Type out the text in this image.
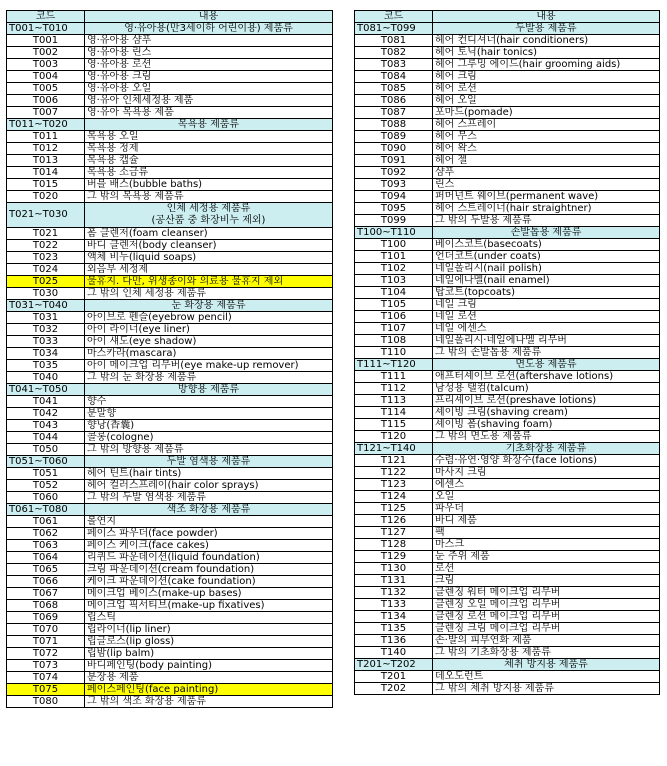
코드	내용
T001~T010	영·유아용(만3세이하 어린이용) 제품류
T001	영·유아용 샴푸
T002	영·유아용 린스
T003	영·유아용 로션
T004	영·유아용 크림
T005	영·유아용 오일
T006	영·유아 인체세정용 제품
T007	영·유아 목욕용 제품
T011~T020	목욕용 제품류
T011	목욕용 오일
T012	목욕용 정제
T013	목욕용 캡슐
T014	목욕용 소금류
T015	버블 배스(bubble baths)
T020	그 밖의 목욕용 제품류
T021~T030	인체 세정용 제품류
(공산품 중 화장비누 제외)

T021	폼 클렌저(foam cleanser)
T022	바디 클렌저(body cleanser)
T023	액체 비누(liquid soaps)
T024	외음부 세정제
T025	물휴지. 다만, 위생종이와 의료용 물휴지 제외
T030	그 밖의 인체 세정용 제품류
T031~T040	눈 화장용 제품류
T031	아이브로 펜슬(eyebrow pencil)
T032	아이 라이너(eye liner)
T033	아이 섀도(eye shadow)
T034	마스카라(mascara)
T035	아이 메이크업 리무버(eye make-up remover)
T040	그 밖의 눈 화장용 제품류
T041~T050	방향용 제품류
T041	향수
T042	분말향
T043	향낭(香囊)
T044	콜롱(cologne)
T050	그 밖의 방향용 제품류
T051~T060	두발 염색용 제품류
T051	헤어 틴트(hair tints)
T052	헤어 컬러스프레이(hair color sprays)
T060	그 밖의 두발 염색용 제품류
T061~T080	색조 화장용 제품류
T061	볼연지
T062	페이스 파우더(face powder)
T063	페이스 케이크(face cakes)
T064	리퀴드 파운데이션(liquid foundation)
T065	크림 파운데이션(cream foundation)
T066	케이크 파운데이션(cake foundation)
T067	메이크업 베이스(make-up bases)
T068	메이크업 픽서티브(make-up fixatives)
T069	립스틱
T070	립라이너(lip liner)
T071	립글로스(lip gloss)
T072	립밤(lip balm)
T073	바디페인팅(body painting)
T074	분장용 제품
T075	페이스페인팅(face painting)
T080	그 밖의 색조 화장용 제품류
코드	내용
T081~T099	두발용 제품류
T081	헤어 컨디셔너(hair conditioners)
T082	헤어 토닉(hair tonics)
T083	헤어 그루밍 에이드(hair grooming aids)
T084	헤어 크림
T085	헤어 로션
T086	헤어 오일
T087	포마드(pomade)
T088	헤어 스프레이
T089	헤어 무스
T090	헤어 왁스
T091	헤어 젤
T092	샴푸
T093	린스
T094	퍼머넌트 웨이브(permanent wave)
T095	헤어 스트레이너(hair straightner)
T099	그 밖의 두발용 제품류
T100~T110	손발톱용 제품류
T100	베이스코트(basecoats)
T101	언더코트(under coats)
T102	네일폴리시(nail polish)
T103	네일에나멜(nail enamel)
T104	탑코트(topcoats)
T105	네일 크림
T106	네일 로션
T107	네일 에센스
T108	네일폴리시·네일에나멜 리무버
T110	그 밖의 손발톱용 제품류
T111~T120	면도용 제품류
T111	애프터셰이브 로션(aftershave lotions)
T112	남성용 탤컴(talcum)
T113	프리셰이브 로션(preshave lotions)
T114	셰이빙 크림(shaving cream)
T115	셰이빙 폼(shaving foam)
T120	그 밖의 면도용 제품류
T121~T140	기초화장용 제품류
T121	수렴·유연·영양 화장수(face lotions)
T122	마사지 크림
T123	에센스
T124	오일
T125	파우더
T126	바디 제품
T127	팩
T128	마스크
T129	눈 주위 제품
T130	로션
T131	크림
T132	클렌징 워터 메이크업 리무버
T133	클렌징 오일 메이크업 리무버
T134	클렌징 로션 메이크업 리무버
T135	클렌징 크림 메이크업 리무버
T136	손·발의 피부연화 제품
T140	그 밖의 기초화장용 제품류
T201~T202	체취 방지용 제품류
T201	데오도런트
T202	그 밖의 체취 방지용 제품류
